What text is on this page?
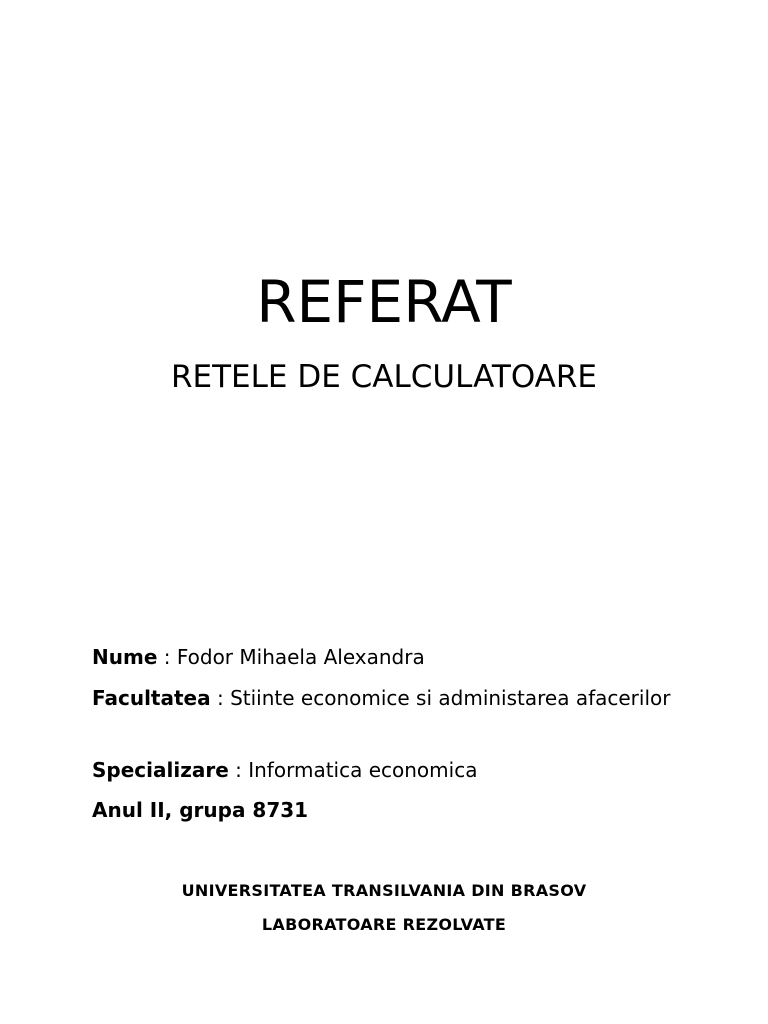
REFERAT
RETELE DE CALCULATOARE
Nume : Fodor Mihaela Alexandra
Facultatea : Stiinte economice si administarea afacerilor
Specializare : Informatica economica
Anul II, grupa 8731
UNIVERSITATEA TRANSILVANIA DIN BRASOV
LABORATOARE REZOLVATE
